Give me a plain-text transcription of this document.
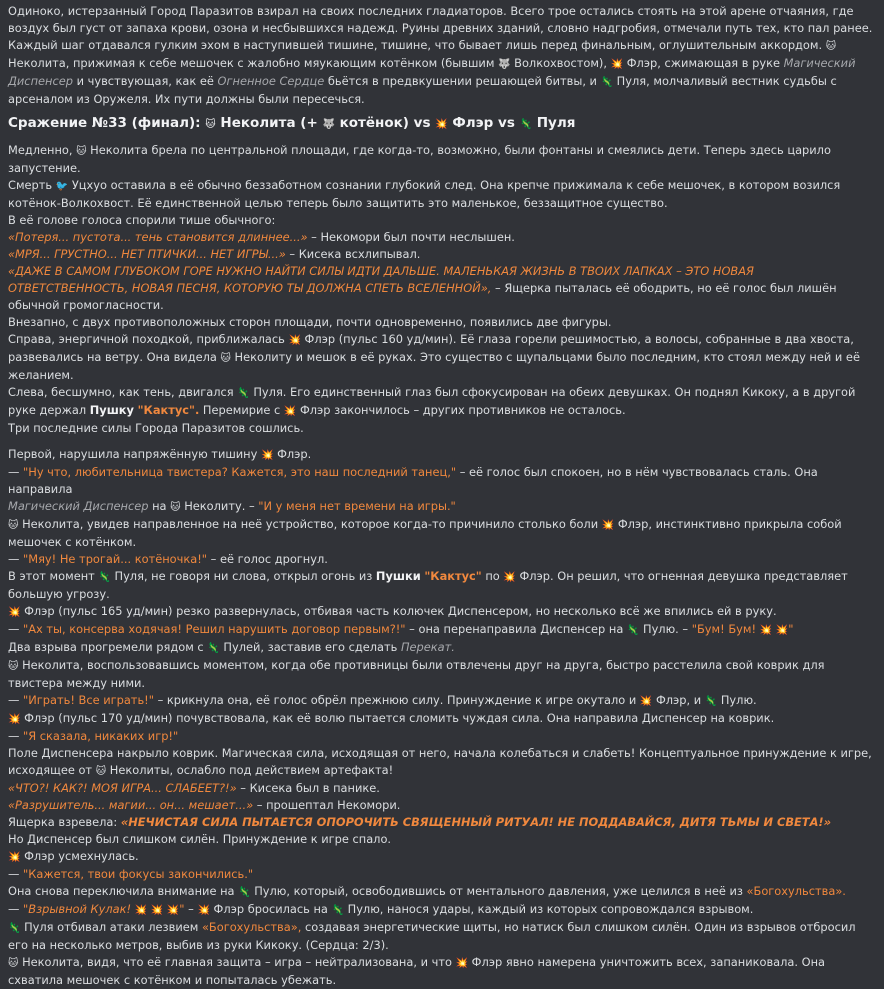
Одиноко, истерзанный Город Паразитов взирал на своих последних гладиаторов. Всего трое остались стоять на этой арене отчаяния, где воздух был густ от запаха крови, озона и несбывшихся надежд. Руины древних зданий, словно надгробия, отмечали путь тех, кто пал ранее. Каждый шаг отдавался гулким эхом в наступившей тишине, тишине, что бывает лишь перед финальным, оглушительным аккордом. 🐱 Неколита, прижимая к себе мешочек с жалобно мяукающим котёнком (бывшим 🐺 Волкохвостом), 💥 Флэр, сжимающая в руке Магический Диспенсер и чувствующая, как её Огненное Сердце бьётся в предвкушении решающей битвы, и 🦎 Пуля, молчаливый вестник судьбы с арсеналом из Оружеля. Их пути должны были пересечься.

Сражение №33 (финал): 🐱 Неколита (+ 🐺 котёнок) vs 💥 Флэр vs 🦎 Пуля

Медленно, 🐱 Неколита брела по центральной площади, где когда-то, возможно, были фонтаны и смеялись дети. Теперь здесь царило запустение.
Смерть 🐦 Уцхуо оставила в её обычно беззаботном сознании глубокий след. Она крепче прижимала к себе мешочек, в котором возился котёнок-Волкохвост. Её единственной целью теперь было защитить это маленькое, беззащитное существо.

В её голове голоса спорили тише обычного:

«Потеря... пустота... тень становится длиннее...» – Некомори был почти неслышен.

«МРЯ... ГРУСТНО... НЕТ ПТИЧКИ... НЕТ ИГРЫ...» – Кисека всхлипывал.

«ДАЖЕ В САМОМ ГЛУБОКОМ ГОРЕ НУЖНО НАЙТИ СИЛЫ ИДТИ ДАЛЬШЕ. МАЛЕНЬКАЯ ЖИЗНЬ В ТВОИХ ЛАПКАХ – ЭТО НОВАЯ ОТВЕТСТВЕННОСТЬ, НОВАЯ ПЕСНЯ, КОТОРУЮ ТЫ ДОЛЖНА СПЕТЬ ВСЕЛЕННОЙ», – Ящерка пыталась её ободрить, но её голос был лишён обычной громогласности.

Внезапно, с двух противоположных сторон площади, почти одновременно, появились две фигуры.

Справа, энергичной походкой, приближалась 💥 Флэр (пульс 160 уд/мин). Её глаза горели решимостью, а волосы, собранные в два хвоста, развевались на ветру. Она видела 🐱 Неколиту и мешок в её руках. Это существо с щупальцами было последним, кто стоял между ней и её желанием.

Слева, бесшумно, как тень, двигался 🦎 Пуля. Его единственный глаз был сфокусирован на обеих девушках. Он поднял Кикоку, а в другой руке держал Пушку "Кактус". Перемирие с 💥 Флэр закончилось – других противников не осталось.

Три последние силы Города Паразитов сошлись.

Первой, нарушила напряжённую тишину 💥 Флэр.

— "Ну что, любительница твистера? Кажется, это наш последний танец," – её голос был спокоен, но в нём чувствовалась сталь. Она направила
Магический Диспенсер на 🐱 Неколиту. – "И у меня нет времени на игры."

🐱 Неколита, увидев направленное на неё устройство, которое когда-то причинило столько боли 💥 Флэр, инстинктивно прикрыла собой мешочек с котёнком.

— "Мяу! Не трогай... котёночка!" – её голос дрогнул.

В этот момент 🦎 Пуля, не говоря ни слова, открыл огонь из Пушки "Кактус" по 💥 Флэр. Он решил, что огненная девушка представляет большую угрозу.

💥 Флэр (пульс 165 уд/мин) резко развернулась, отбивая часть колючек Диспенсером, но несколько всё же впились ей в руку.

— "Ах ты, консерва ходячая! Решил нарушить договор первым?!" – она перенаправила Диспенсер на 🦎 Пулю. – "Бум! Бум! 💥 💥"

Два взрыва прогремели рядом с 🦎 Пулей, заставив его сделать Перекат.

🐱 Неколита, воспользовавшись моментом, когда обе противницы были отвлечены друг на друга, быстро расстелила свой коврик для твистера между ними.

— "Играть! Все играть!" – крикнула она, её голос обрёл прежнюю силу. Принуждение к игре окутало и 💥 Флэр, и 🦎 Пулю.

💥 Флэр (пульс 170 уд/мин) почувствовала, как её волю пытается сломить чуждая сила. Она направила Диспенсер на коврик.

— "Я сказала, никаких игр!"

Поле Диспенсера накрыло коврик. Магическая сила, исходящая от него, начала колебаться и слабеть! Концептуальное принуждение к игре, исходящее от 🐱 Неколиты, ослабло под действием артефакта!

«ЧТО?! КАК?! МОЯ ИГРА... СЛАБЕЕТ?!» – Кисека был в панике.

«Разрушитель... магии... он... мешает...» – прошептал Некомори.

Ящерка взревела: «НЕЧИСТАЯ СИЛА ПЫТАЕТСЯ ОПОРОЧИТЬ СВЯЩЕННЫЙ РИТУАЛ! НЕ ПОДДАВАЙСЯ, ДИТЯ ТЬМЫ И СВЕТА!»

Но Диспенсер был слишком силён. Принуждение к игре спало.

💥 Флэр усмехнулась.

— "Кажется, твои фокусы закончились."

Она снова переключила внимание на 🦎 Пулю, который, освободившись от ментального давления, уже целился в неё из «Богохульства».

— "Взрывной Кулак! 💥 💥 💥" – 💥 Флэр бросилась на 🦎 Пулю, нанося удары, каждый из которых сопровождался взрывом.

🦎 Пуля отбивал атаки лезвием «Богохульства», создавая энергетические щиты, но натиск был слишком силён. Один из взрывов отбросил его на несколько метров, выбив из руки Кикоку. (Сердца: 2/3).

🐱 Неколита, видя, что её главная защита – игра – нейтрализована, и что 💥 Флэр явно намерена уничтожить всех, запаниковала. Она схватила мешочек с котёнком и попыталась убежать.
